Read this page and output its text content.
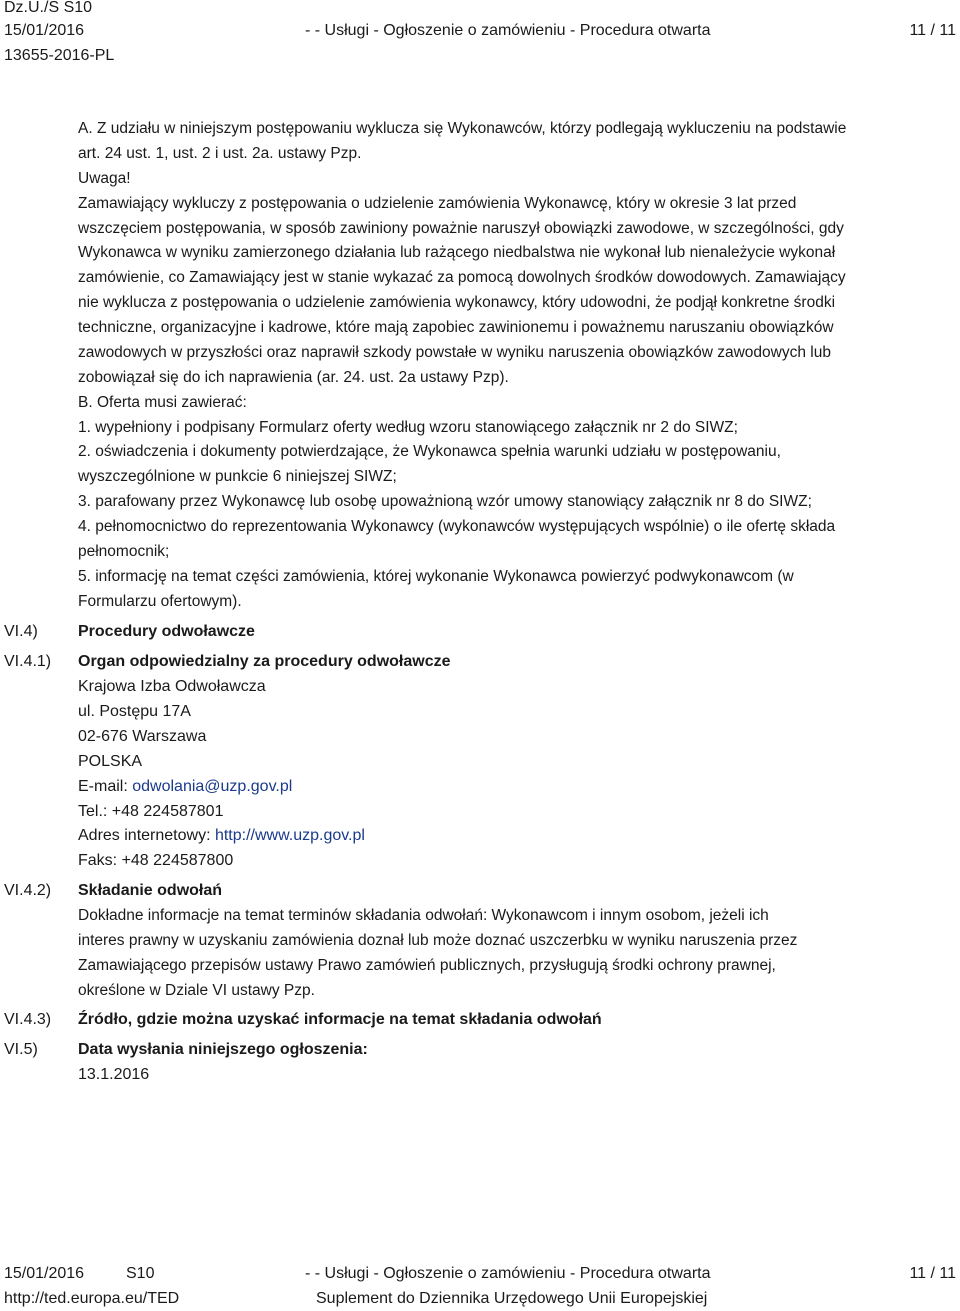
Dz.U./S S10
15/01/2016
13655-2016-PL
- - Usługi - Ogłoszenie o zamówieniu - Procedura otwarta	11 / 11
A. Z udziału w niniejszym postępowaniu wyklucza się Wykonawców, którzy podlegają wykluczeniu na podstawie
art. 24 ust. 1, ust. 2 i ust. 2a. ustawy Pzp.
Uwaga!
Zamawiający wykluczy z postępowania o udzielenie zamówienia Wykonawcę, który w okresie 3 lat przed
wszczęciem postępowania, w sposób zawiniony poważnie naruszył obowiązki zawodowe, w szczególności, gdy
Wykonawca w wyniku zamierzonego działania lub rażącego niedbalstwa nie wykonał lub nienależycie wykonał
zamówienie, co Zamawiający jest w stanie wykazać za pomocą dowolnych środków dowodowych. Zamawiający
nie wyklucza z postępowania o udzielenie zamówienia wykonawcy, który udowodni, że podjął konkretne środki
techniczne, organizacyjne i kadrowe, które mają zapobiec zawinionemu i poważnemu naruszaniu obowiązków
zawodowych w przyszłości oraz naprawił szkody powstałe w wyniku naruszenia obowiązków zawodowych lub
zobowiązał się do ich naprawienia (ar. 24. ust. 2a ustawy Pzp).
B. Oferta musi zawierać:
1. wypełniony i podpisany Formularz oferty według wzoru stanowiącego załącznik nr 2 do SIWZ;
2. oświadczenia i dokumenty potwierdzające, że Wykonawca spełnia warunki udziału w postępowaniu,
wyszczególnione w punkcie 6 niniejszej SIWZ;
3. parafowany przez Wykonawcę lub osobę upoważnioną wzór umowy stanowiący załącznik nr 8 do SIWZ;
4. pełnomocnictwo do reprezentowania Wykonawcy (wykonawców występujących wspólnie) o ile ofertę składa
pełnomocnik;
5. informację na temat części zamówienia, której wykonanie Wykonawca powierzyć podwykonawcom (w
Formularzu ofertowym).
VI.4)	Procedury odwoławcze
VI.4.1) Organ odpowiedzialny za procedury odwoławcze
Krajowa Izba Odwoławcza
ul. Postępu 17A
02-676 Warszawa
POLSKA
E-mail: odwolania@uzp.gov.pl
Tel.: +48 224587801
Adres internetowy: http://www.uzp.gov.pl
Faks: +48 224587800
VI.4.2) Składanie odwołań
Dokładne informacje na temat terminów składania odwołań: Wykonawcom i innym osobom, jeżeli ich
interes prawny w uzyskaniu zamówienia doznał lub może doznać uszczerbku w wyniku naruszenia przez
Zamawiającego przepisów ustawy Prawo zamówień publicznych, przysługują środki ochrony prawnej,
określone w Dziale VI ustawy Pzp.
VI.4.3) Źródło, gdzie można uzyskać informacje na temat składania odwołań
VI.5)	Data wysłania niniejszego ogłoszenia:
13.1.2016
15/01/2016	S10
http://ted.europa.eu/TED
- - Usługi - Ogłoszenie o zamówieniu - Procedura otwarta
Suplement do Dziennika Urzędowego Unii Europejskiej
11 / 11
